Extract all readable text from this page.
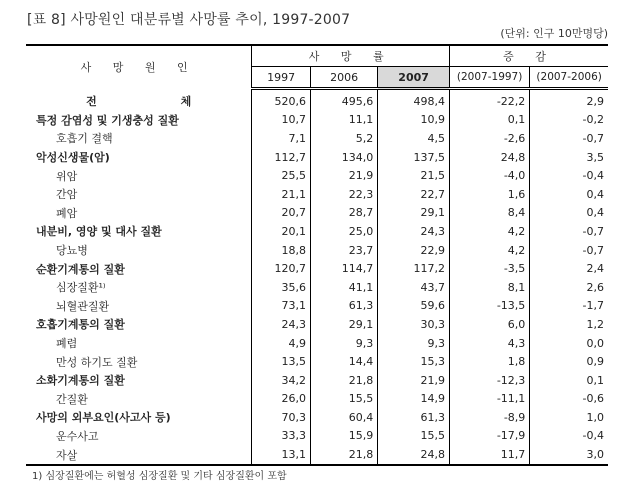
[표 8] 사망원인 대분류별 사망률 추이, 1997-2007
(단위: 인구 10만명당)
사 망 원 인	사 망 률			증 감	
	1997	2006	2007	(2007-1997)	(2007-2006)
전 체	520,6	495,6	498,4	-22,2	2,9
특정 감염성 및 기생충성 질환	10,7	11,1	10,9	0,1	-0,2
호흡기 결핵	7,1	5,2	4,5	-2,6	-0,7
악성신생물(암)	112,7	134,0	137,5	24,8	3,5
위암	25,5	21,9	21,5	-4,0	-0,4
간암	21,1	22,3	22,7	1,6	0,4
폐암	20,7	28,7	29,1	8,4	0,4
내분비, 영양 및 대사 질환	20,1	25,0	24,3	4,2	-0,7
당뇨병	18,8	23,7	22,9	4,2	-0,7
순환기계통의 질환	120,7	114,7	117,2	-3,5	2,4
심장질환¹⁾	35,6	41,1	43,7	8,1	2,6
뇌혈관질환	73,1	61,3	59,6	-13,5	-1,7
호흡기계통의 질환	24,3	29,1	30,3	6,0	1,2
폐렴	4,9	9,3	9,3	4,3	0,0
만성 하기도 질환	13,5	14,4	15,3	1,8	0,9
소화기계통의 질환	34,2	21,8	21,9	-12,3	0,1
간질환	26,0	15,5	14,9	-11,1	-0,6
사망의 외부요인(사고사 등)	70,3	60,4	61,3	-8,9	1,0
운수사고	33,3	15,9	15,5	-17,9	-0,4
자살	13,1	21,8	24,8	11,7	3,0
1) 심장질환에는 허혈성 심장질환 및 기타 심장질환이 포함
